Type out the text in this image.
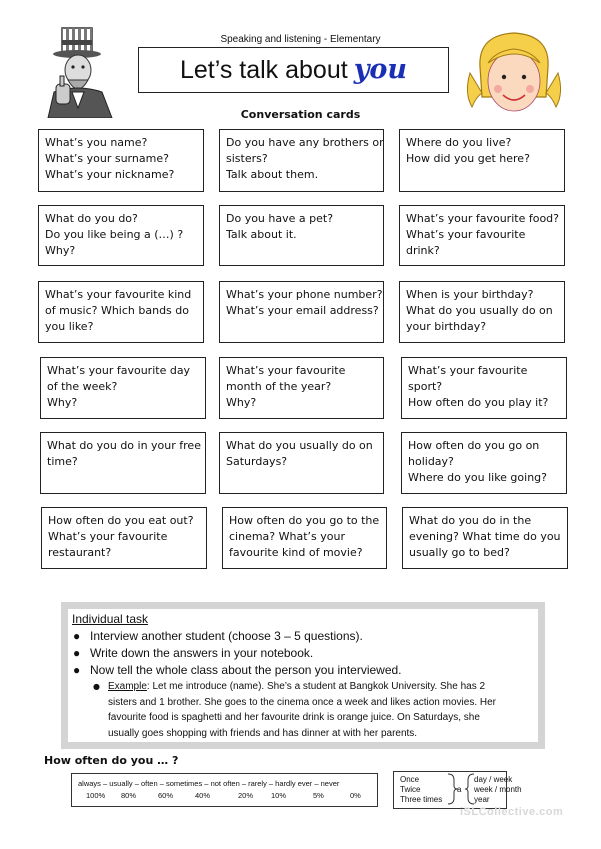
Speaking and listening - Elementary
Let’s talk about you
Conversation cards
What’s you name?
What’s your surname?
What’s your nickname?
Do you have any brothers or
sisters?
Talk about them.
Where do you live?
How did you get here?
What do you do?
Do you like being a (…) ?
Why?
Do you have a pet?
Talk about it.
What’s your favourite food?
What’s your favourite
drink?
What’s your favourite kind
of music? Which bands do
you like?
What’s your phone number?
What’s your email address?
When is your birthday?
What do you usually do on
your birthday?
What’s your favourite day
of the week?
Why?
What’s your favourite
month of the year?
Why?
What’s your favourite
sport?
How often do you play it?
What do you do in your free
time?
What do you usually do on
Saturdays?
How often do you go on
holiday?
Where do you like going?
How often do you eat out?
What’s your favourite
restaurant?
How often do you go to the
cinema? What’s your
favourite kind of movie?
What do you do in the
evening? What time do you
usually go to bed?
Individual task
● Interview another student (choose 3 – 5 questions).
● Write down the answers in your notebook.
● Now tell the whole class about the person you interviewed.
● Example: Let me introduce (name). She’s a student at Bangkok University. She has 2
sisters and 1 brother. She goes to the cinema once a week and likes action movies. Her
favourite food is spaghetti and her favourite drink is orange juice. On Saturdays, she
usually goes shopping with friends and has dinner at with her parents.
How often do you … ?
always – usually – often – sometimes – not often – rarely – hardly ever – never
100% 80%	60%	40%	20% 10%	5%	0%
Once
Twice
Three times
a
day / week
week / month
year
iSLCollective.com
